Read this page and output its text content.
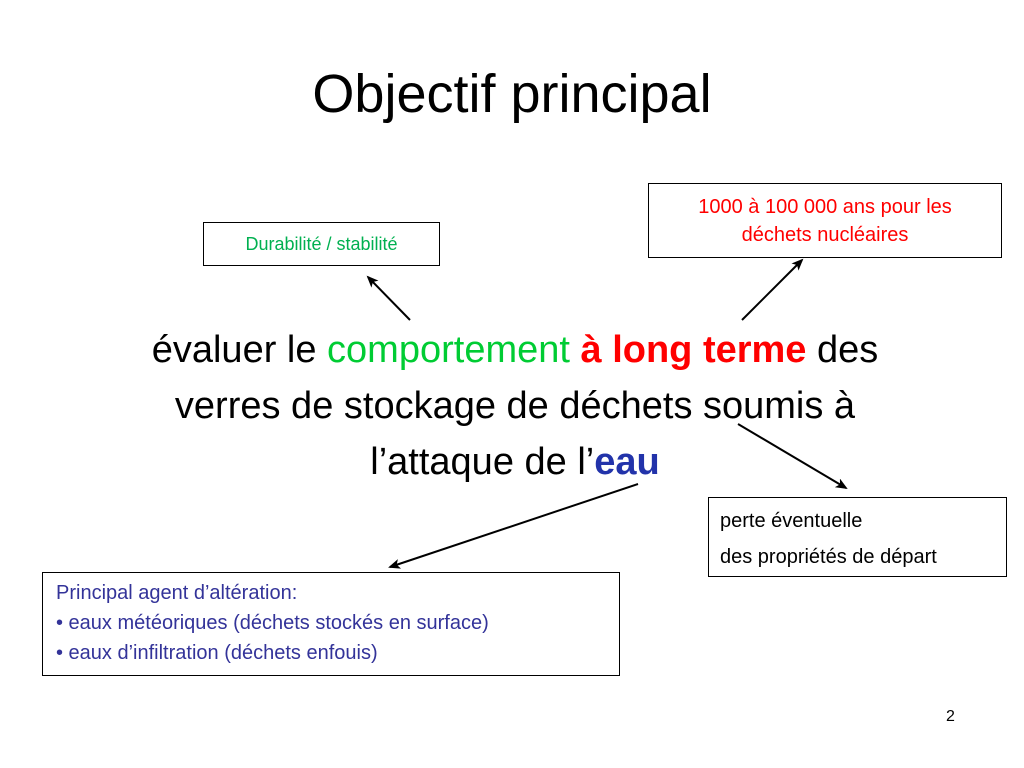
Objectif principal
Durabilité / stabilité
1000 à 100 000 ans pour les
déchets nucléaires
évaluer le comportement à long terme des
verres de stockage de déchets soumis à
l’attaque de l’eau
perte éventuelle
des propriétés de départ
Principal agent d’altération:
• eaux météoriques (déchets stockés en surface)
• eaux d’infiltration (déchets enfouis)
2
